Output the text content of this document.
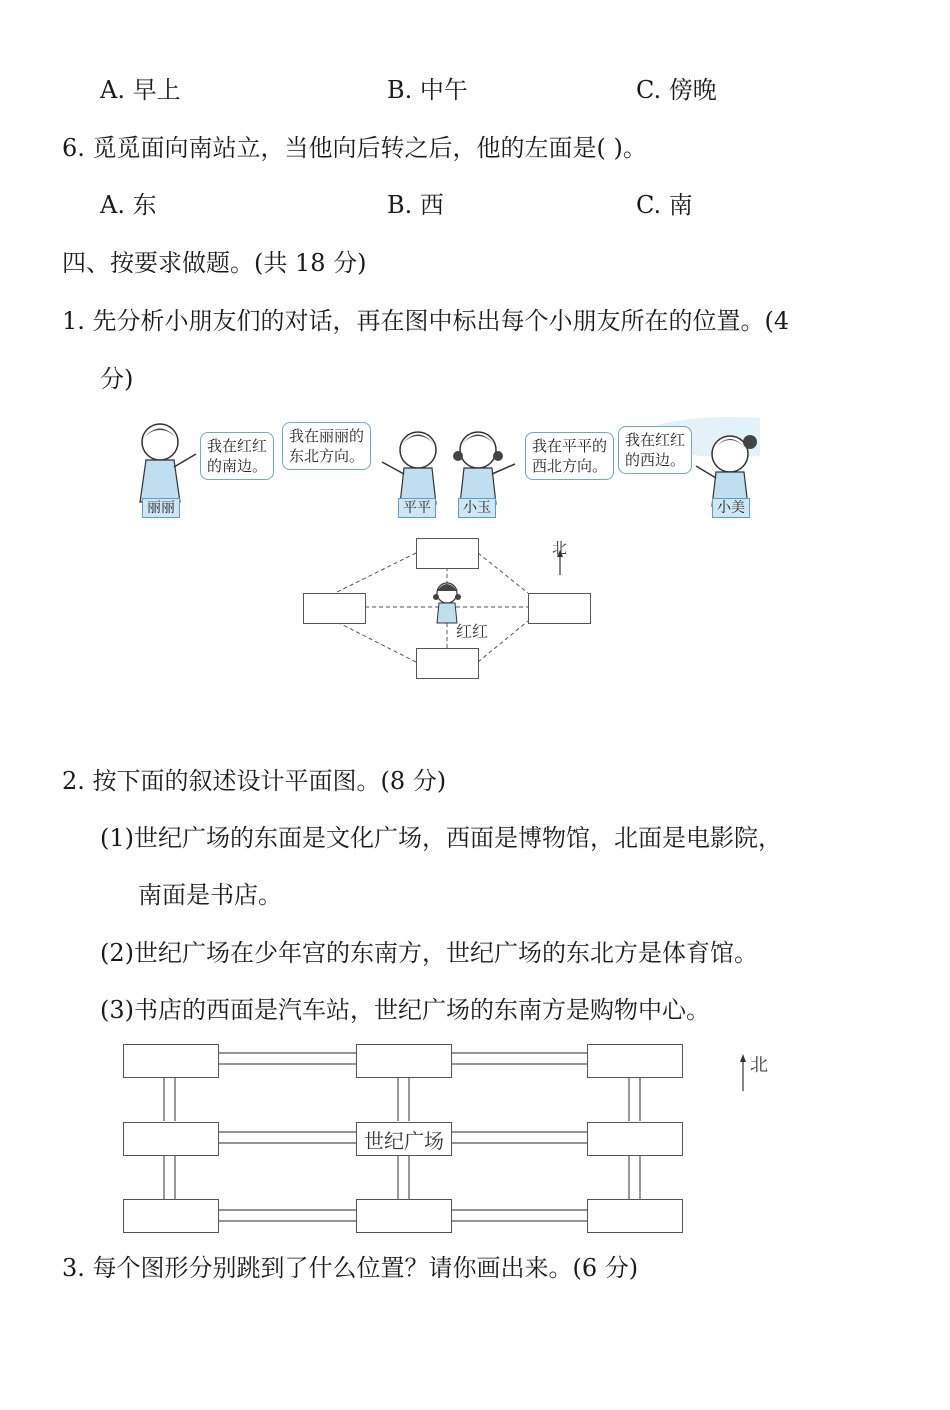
A. 早上	B. 中午	C. 傍晚
6. 觅觅面向南站立，当他向后转之后，他的左面是( )。
A. 东	B. 西	C. 南
四、按要求做题。(共 18 分)
1. 先分析小朋友们的对话，再在图中标出每个小朋友所在的位置。(4
分)
我在红红
的南边。
我在丽丽的
东北方向。
我在平平的
西北方向。
我在红红
的西边。
丽丽	平平	小玉	小美
红红
北
2. 按下面的叙述设计平面图。(8 分)
(1)世纪广场的东面是文化广场，西面是博物馆，北面是电影院，
南面是书店。
(2)世纪广场在少年宫的东南方，世纪广场的东北方是体育馆。
(3)书店的西面是汽车站，世纪广场的东南方是购物中心。
世纪广场
北
3. 每个图形分别跳到了什么位置？请你画出来。(6 分)
